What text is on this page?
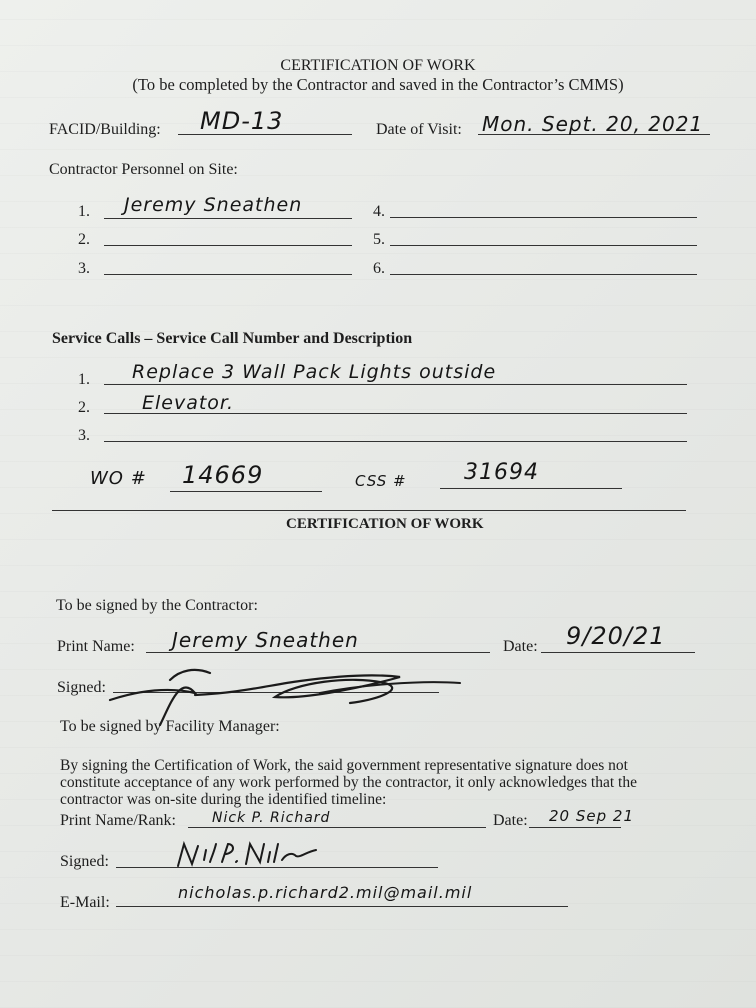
CERTIFICATION OF WORK
(To be completed by the Contractor and saved in the Contractor’s CMMS)
FACID/Building: MD-13	Date of Visit: Mon. Sept. 20, 2021
Contractor Personnel on Site:
1. Jeremy Sneathen
2.
3.
4.
5.
6.
Service Calls – Service Call Number and Description
1. Replace 3 Wall Pack Lights outside
2.	Elevator.
3.
WO # 14669	CSS #	31694
CERTIFICATION OF WORK
To be signed by the Contractor:
Print Name: Jeremy Sneathen	Date: 9/20/21
Signed:
To be signed by Facility Manager:
By signing the Certification of Work, the said government representative signature does not
constitute acceptance of any work performed by the contractor, it only acknowledges that the
contractor was on-site during the identified timeline:
Print Name/Rank:	Nick P. Richard	Date: 20 Sep 21
Signed:
E-Mail:
nicholas.p.richard2.mil@mail.mil
